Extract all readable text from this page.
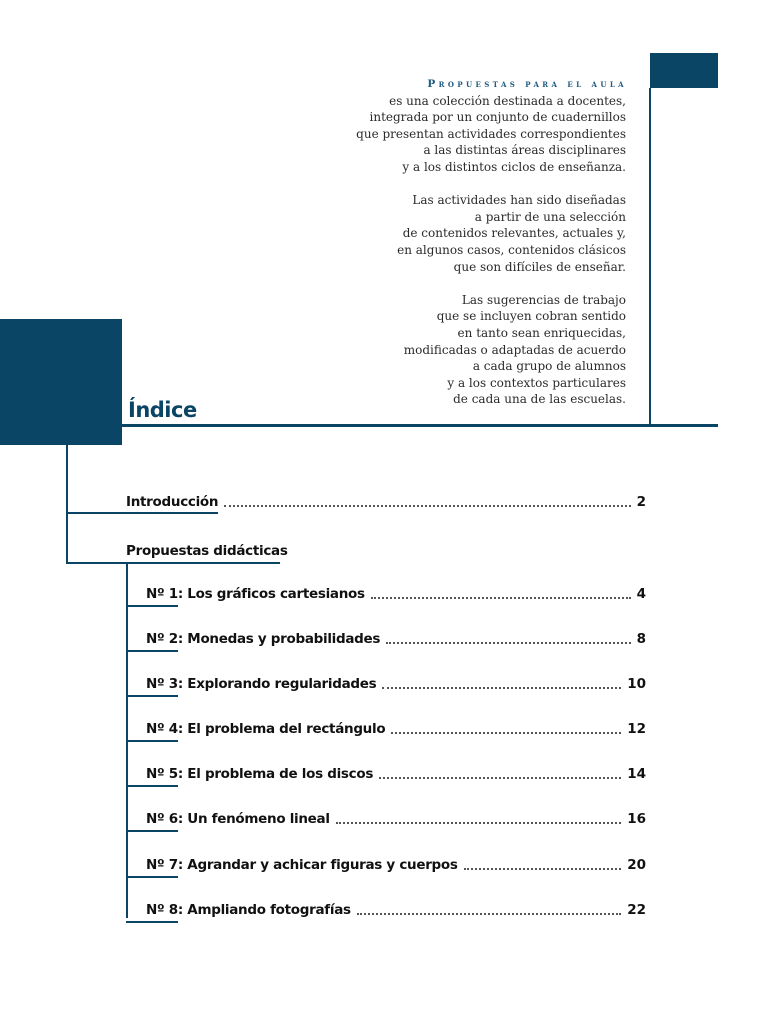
Propuestas para el aula

es una colección destinada a docentes,
integrada por un conjunto de cuadernillos
que presentan actividades correspondientes
a las distintas áreas disciplinares
y a los distintos ciclos de enseñanza.

Las actividades han sido diseñadas
a partir de una selección
de contenidos relevantes, actuales y,
en algunos casos, contenidos clásicos
que son difíciles de enseñar.

Las sugerencias de trabajo
que se incluyen cobran sentido
en tanto sean enriquecidas,
modificadas o adaptadas de acuerdo
a cada grupo de alumnos
y a los contextos particulares
de cada una de las escuelas.

Índice
Introducción	2
Propuestas didácticas
Nº 1: Los gráficos cartesianos	4
Nº 2: Monedas y probabilidades	8
Nº 3: Explorando regularidades	10
Nº 4: El problema del rectángulo	12
Nº 5: El problema de los discos	14
Nº 6: Un fenómeno lineal	16
Nº 7: Agrandar y achicar figuras y cuerpos	20
Nº 8: Ampliando fotografías	22
